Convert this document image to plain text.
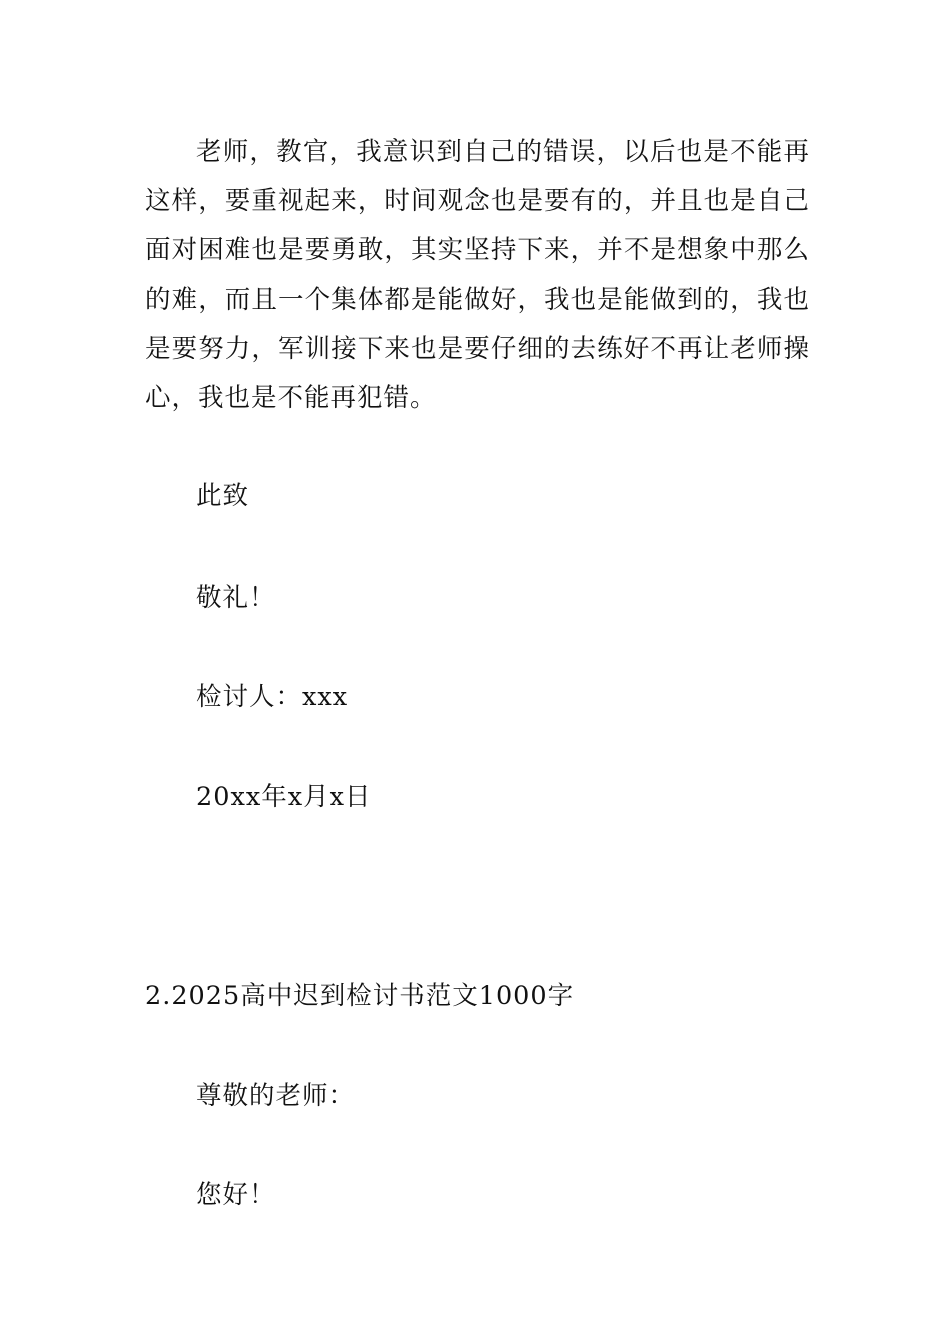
老师，教官，我意识到自己的错误，以后也是不能再这样，要重视起来，时间观念也是要有的，并且也是自己面对困难也是要勇敢，其实坚持下来，并不是想象中那么的难，而且一个集体都是能做好，我也是能做到的，我也是要努力，军训接下来也是要仔细的去练好不再让老师操心，我也是不能再犯错。

此致

敬礼！

检讨人：xxx

20xx年x月x日

2.2025高中迟到检讨书范文1000字

尊敬的老师：

您好！
